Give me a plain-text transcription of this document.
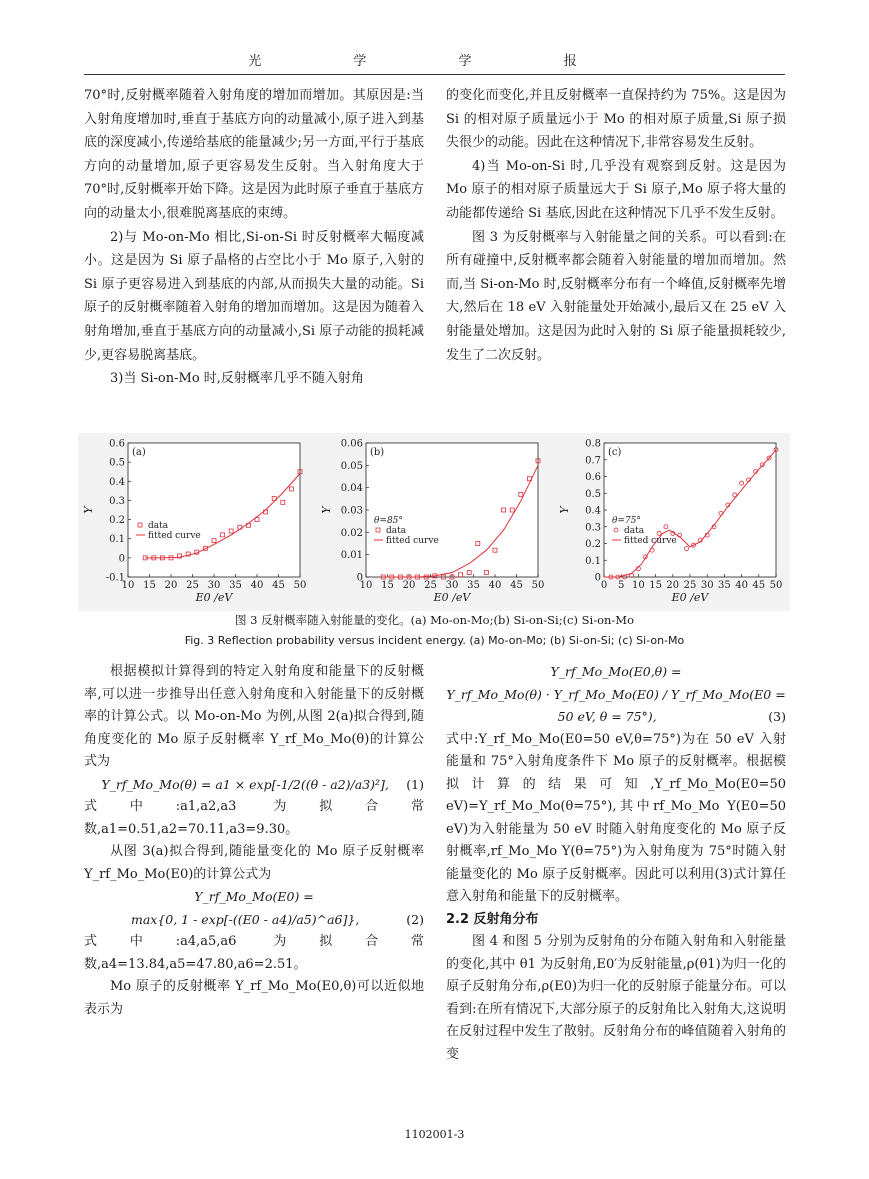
光 学 学 报

70°时,反射概率随着入射角度的增加而增加。其原因是:当入射角度增加时,垂直于基底方向的动量减小,原子进入到基底的深度减小,传递给基底的能量减少;另一方面,平行于基底方向的动量增加,原子更容易发生反射。当入射角度大于 70°时,反射概率开始下降。这是因为此时原子垂直于基底方向的动量太小,很难脱离基底的束缚。

2)与 Mo-on-Mo 相比,Si-on-Si 时反射概率大幅度减小。这是因为 Si 原子晶格的占空比小于 Mo 原子,入射的 Si 原子更容易进入到基底的内部,从而损失大量的动能。Si 原子的反射概率随着入射角的增加而增加。这是因为随着入射角增加,垂直于基底方向的动量减小,Si 原子动能的损耗减少,更容易脱离基底。

3)当 Si-on-Mo 时,反射概率几乎不随入射角

的变化而变化,并且反射概率一直保持约为 75%。这是因为 Si 的相对原子质量远小于 Mo 的相对原子质量,Si 原子损失很少的动能。因此在这种情况下,非常容易发生反射。

4)当 Mo-on-Si 时,几乎没有观察到反射。这是因为 Mo 原子的相对原子质量远大于 Si 原子,Mo 原子将大量的动能都传递给 Si 基底,因此在这种情况下几乎不发生反射。

图 3 为反射概率与入射能量之间的关系。可以看到:在所有碰撞中,反射概率都会随着入射能量的增加而增加。然而,当 Si-on-Mo 时,反射概率分布有一个峰值,反射概率先增大,然后在 18 eV 入射能量处开始减小,最后又在 25 eV 入射能量处增加。这是因为此时入射的 Si 原子能量损耗较少,发生了二次反射。

10 15 20 25 30 35 40 45 50
-0.1
0
0.1
0.2
0.3
0.4
0.5
0.6
E0 /eV
Y
(a)
data
fitted curve
10 15 20 25 30 35 40 45 50
0
0.01
0.02
0.03
0.04
0.05
0.06
E0 /eV
Y
(b)
θ=85°
data
fitted curve
0 5 10 15 20 25 30 35 40 45 50
0
0.1
0.2
0.3
0.4
0.5
0.6
0.7
0.8
E0 /eV
Y
(c)
θ=75°
data
fitted curve
图 3 反射概率随入射能量的变化。(a) Mo-on-Mo;(b) Si-on-Si;(c) Si-on-Mo
Fig. 3 Reflection probability versus incident energy. (a) Mo-on-Mo; (b) Si-on-Si; (c) Si-on-Mo

根据模拟计算得到的特定入射角度和能量下的反射概率,可以进一步推导出任意入射角度和入射能量下的反射概率的计算公式。以 Mo-on-Mo 为例,从图 2(a)拟合得到,随角度变化的 Mo 原子反射概率 Y_rf_Mo_Mo(θ)的计算公式为

Y_rf_Mo_Mo(θ) = a1 × exp[-1/2((θ - a2)/a3)²], (1)

式中:a1,a2,a3 为拟合常数,a1=0.51,a2=70.11,a3=9.30。

从图 3(a)拟合得到,随能量变化的 Mo 原子反射概率 Y_rf_Mo_Mo(E0)的计算公式为

Y_rf_Mo_Mo(E0) =

max{0, 1 - exp[-((E0 - a4)/a5)^a6]},	(2)

式中:a4,a5,a6 为拟合常数,a4=13.84,a5=47.80,a6=2.51。

Mo 原子的反射概率 Y_rf_Mo_Mo(E0,θ)可以近似地表示为

Y_rf_Mo_Mo(E0,θ) =

Y_rf_Mo_Mo(θ) · Y_rf_Mo_Mo(E0) / Y_rf_Mo_Mo(E0 = 50 eV, θ = 75°),	(3)

式中:Y_rf_Mo_Mo(E0=50 eV,θ=75°)为在 50 eV 入射能量和 75°入射角度条件下 Mo 原子的反射概率。根据模拟计算的结果可知,Y_rf_Mo_Mo(E0=50 eV)=Y_rf_Mo_Mo(θ=75°),其中rf_Mo_Mo Y(E0=50 eV)为入射能量为 50 eV 时随入射角度变化的 Mo 原子反射概率,rf_Mo_Mo Y(θ=75°)为入射角度为 75°时随入射能量变化的 Mo 原子反射概率。因此可以利用(3)式计算任意入射角和能量下的反射概率。

2.2 反射角分布

图 4 和图 5 分别为反射角的分布随入射角和入射能量的变化,其中 θ1 为反射角,E0′为反射能量,ρ(θ1)为归一化的原子反射角分布,ρ(E0)为归一化的反射原子能量分布。可以看到:在所有情况下,大部分原子的反射角比入射角大,这说明在反射过程中发生了散射。反射角分布的峰值随着入射角的变

1102001-3
